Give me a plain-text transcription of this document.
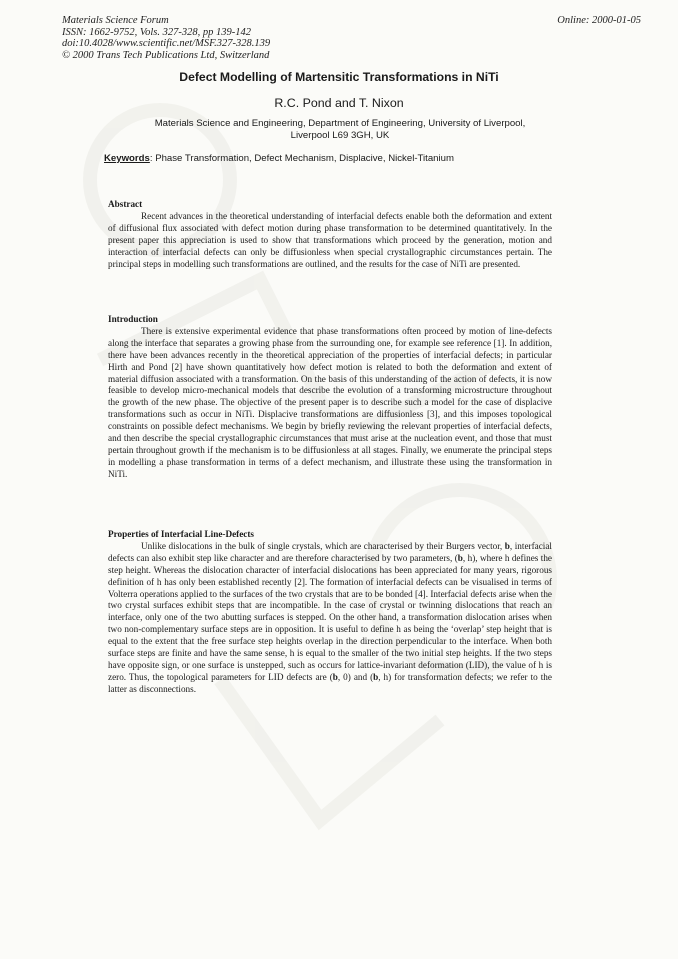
Materials Science Forum
ISSN: 1662-9752, Vols. 327-328, pp 139-142
doi:10.4028/www.scientific.net/MSF.327-328.139
© 2000 Trans Tech Publications Ltd, Switzerland
Online: 2000-01-05
Defect Modelling of Martensitic Transformations in NiTi
R.C. Pond and T. Nixon
Materials Science and Engineering, Department of Engineering, University of Liverpool,
Liverpool L69 3GH, UK
Keywords: Phase Transformation, Defect Mechanism, Displacive, Nickel-Titanium
Abstract

Recent advances in the theoretical understanding of interfacial defects enable both the deformation and extent of diffusional flux associated with defect motion during phase transformation to be determined quantitatively. In the present paper this appreciation is used to show that transformations which proceed by the generation, motion and interaction of interfacial defects can only be diffusionless when special crystallographic circumstances pertain. The principal steps in modelling such transformations are outlined, and the results for the case of NiTi are presented.

Introduction

There is extensive experimental evidence that phase transformations often proceed by motion of line-defects along the interface that separates a growing phase from the surrounding one, for example see reference [1]. In addition, there have been advances recently in the theoretical appreciation of the properties of interfacial defects; in particular Hirth and Pond [2] have shown quantitatively how defect motion is related to both the deformation and extent of material diffusion associated with a transformation. On the basis of this understanding of the action of defects, it is now feasible to develop micro-mechanical models that describe the evolution of a transforming microstructure throughout the growth of the new phase. The objective of the present paper is to describe such a model for the case of displacive transformations such as occur in NiTi. Displacive transformations are diffusionless [3], and this imposes topological constraints on possible defect mechanisms. We begin by briefly reviewing the relevant properties of interfacial defects, and then describe the special crystallographic circumstances that must arise at the nucleation event, and those that must pertain throughout growth if the mechanism is to be diffusionless at all stages. Finally, we enumerate the principal steps in modelling a phase transformation in terms of a defect mechanism, and illustrate these using the transformation in NiTi.

Properties of Interfacial Line-Defects

Unlike dislocations in the bulk of single crystals, which are characterised by their Burgers vector, b, interfacial defects can also exhibit step like character and are therefore characterised by two parameters, (b, h), where h defines the step height. Whereas the dislocation character of interfacial dislocations has been appreciated for many years, rigorous definition of h has only been established recently [2]. The formation of interfacial defects can be visualised in terms of Volterra operations applied to the surfaces of the two crystals that are to be bonded [4]. Interfacial defects arise when the two crystal surfaces exhibit steps that are incompatible. In the case of crystal or twinning dislocations that reach an interface, only one of the two abutting surfaces is stepped. On the other hand, a transformation dislocation arises when two non-complementary surface steps are in opposition. It is useful to define h as being the ‘overlap’ step height that is equal to the extent that the free surface step heights overlap in the direction perpendicular to the interface. When both surface steps are finite and have the same sense, h is equal to the smaller of the two initial step heights. If the two steps have opposite sign, or one surface is unstepped, such as occurs for lattice-invariant deformation (LID), the value of h is zero. Thus, the topological parameters for LID defects are (b, 0) and (b, h) for transformation defects; we refer to the latter as disconnections.
